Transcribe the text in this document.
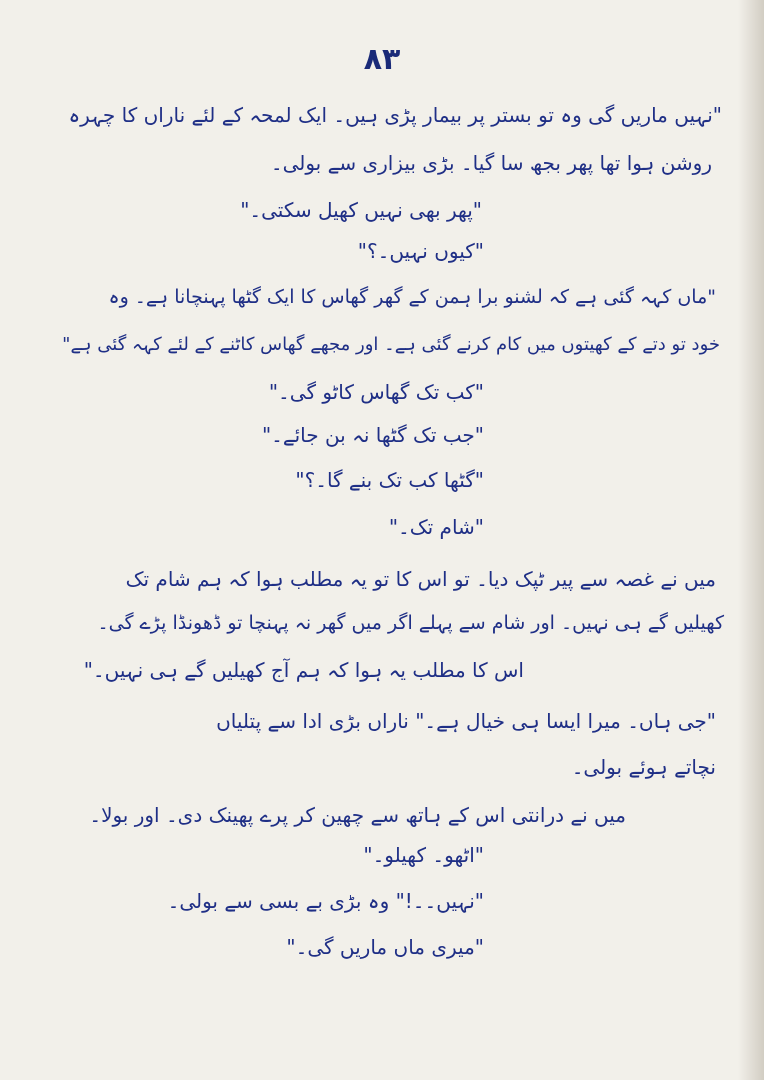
۸۳
"نہیں ماریں گی وہ تو بستر پر بیمار پڑی ہیں۔ ایک لمحہ کے لئے ناراں کا چہرہ
روشن ہوا تھا پھر بجھ سا گیا۔ بڑی بیزاری سے بولی۔
"پھر بھی نہیں کھیل سکتی۔"
"کیوں نہیں۔؟"
"ماں کہہ گئی ہے کہ لشنو برا ہمن کے گھر گھاس کا ایک گٹھا پہنچانا ہے۔ وہ
خود تو دتے کے کھیتوں میں کام کرنے گئی ہے۔ اور مجھے گھاس کاٹنے کے لئے کہہ گئی ہے"
"کب تک گھاس کاٹو گی۔"
"جب تک گٹھا نہ بن جائے۔"
"گٹھا کب تک بنے گا۔؟"
"شام تک۔"
میں نے غصہ سے پیر ٹپک دیا۔ تو اس کا تو یہ مطلب ہوا کہ ہم شام تک
کھیلیں گے ہی نہیں۔ اور شام سے پہلے اگر میں گھر نہ پہنچا تو ڈھونڈا پڑے گی۔
اس کا مطلب یہ ہوا کہ ہم آج کھیلیں گے ہی نہیں۔"
"جی ہاں۔ میرا ایسا ہی خیال ہے۔" ناراں بڑی ادا سے پتلیاں
نچاتے ہوئے بولی۔
میں نے درانتی اس کے ہاتھ سے چھین کر پرے پھینک دی۔ اور بولا۔
"اٹھو۔ کھیلو۔"
"نہیں۔۔!" وہ بڑی بے بسی سے بولی۔
"میری ماں ماریں گی۔"
